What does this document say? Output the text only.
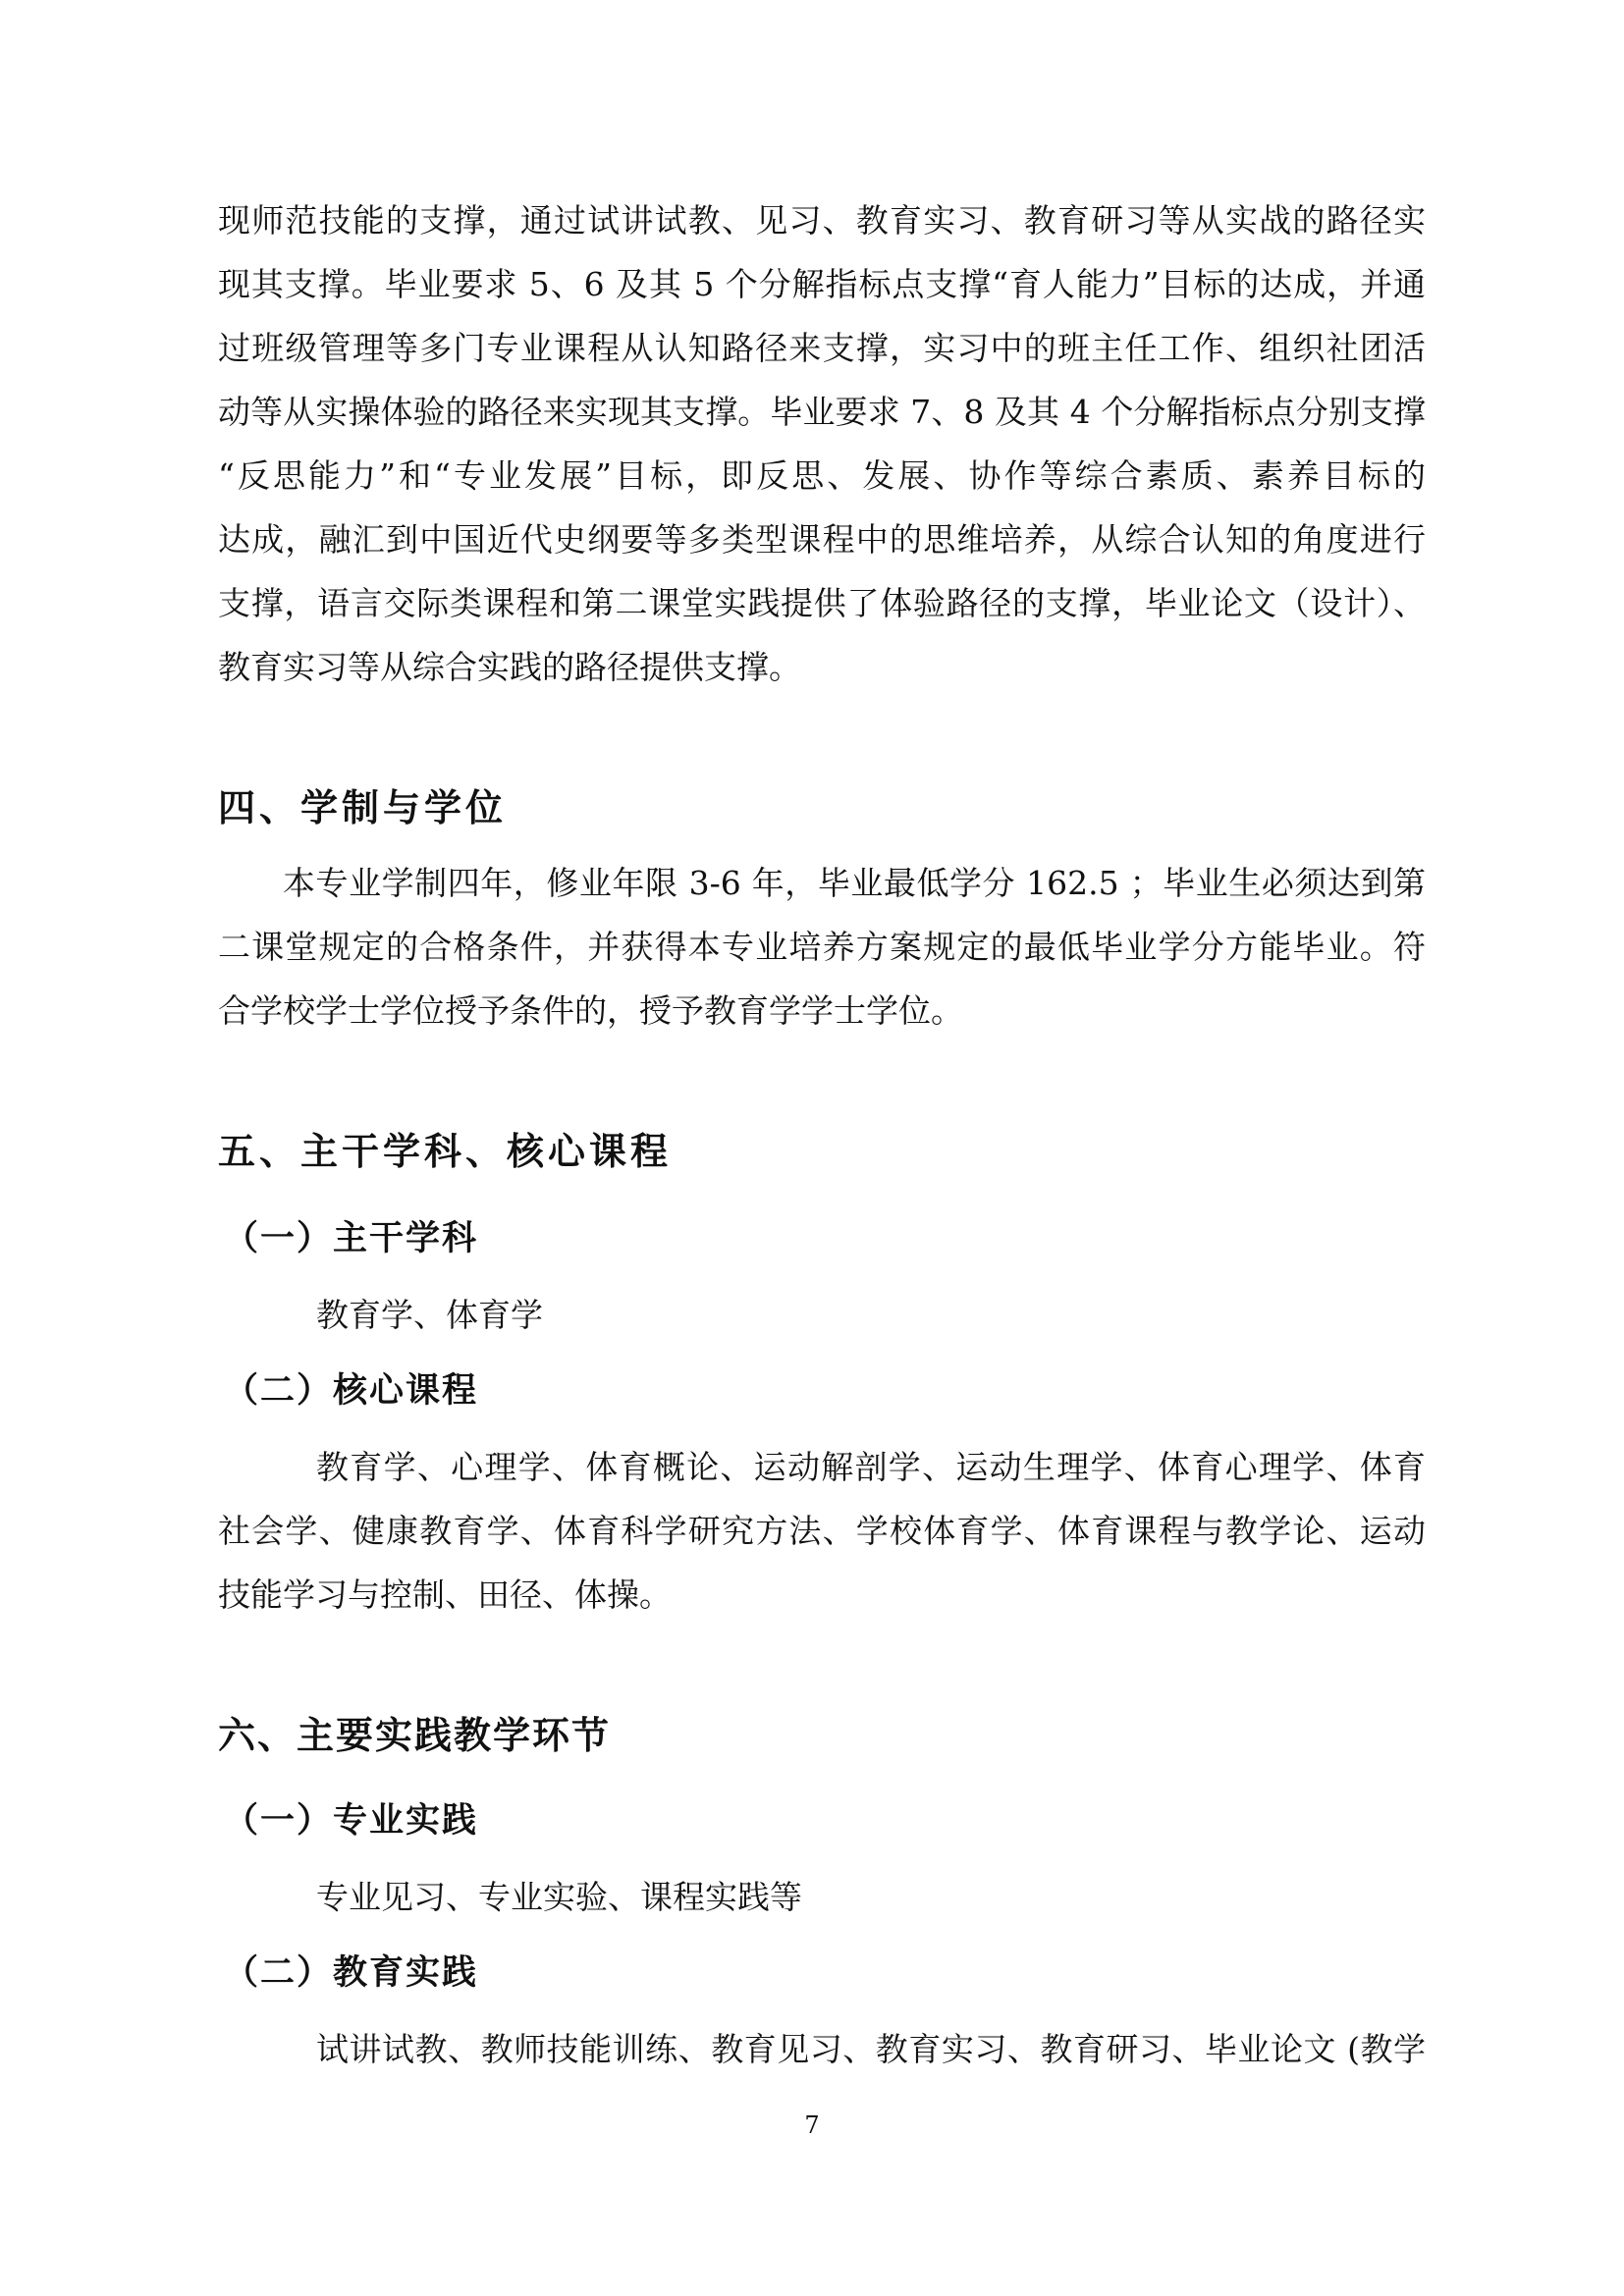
现师范技能的支撑，通过试讲试教、见习、教育实习、教育研习等从实战的路径实
现其支撑。毕业要求 5、6 及其 5 个分解指标点支撑“育人能力”目标的达成，并通
过班级管理等多门专业课程从认知路径来支撑，实习中的班主任工作、组织社团活
动等从实操体验的路径来实现其支撑。毕业要求 7、8 及其 4 个分解指标点分别支撑
“反思能力”和“专业发展”目标，即反思、发展、协作等综合素质、素养目标的
达成，融汇到中国近代史纲要等多类型课程中的思维培养，从综合认知的角度进行
支撑，语言交际类课程和第二课堂实践提供了体验路径的支撑，毕业论文（设计）、
教育实习等从综合实践的路径提供支撑。
四、学制与学位
本专业学制四年，修业年限 3-6 年，毕业最低学分 162.5 ；毕业生必须达到第
二课堂规定的合格条件，并获得本专业培养方案规定的最低毕业学分方能毕业。符
合学校学士学位授予条件的，授予教育学学士学位。
五、主干学科、核心课程
（一）主干学科
教育学、体育学
（二）核心课程
教育学、心理学、体育概论、运动解剖学、运动生理学、体育心理学、体育
社会学、健康教育学、体育科学研究方法、学校体育学、体育课程与教学论、运动
技能学习与控制、田径、体操。
六、主要实践教学环节
（一）专业实践
专业见习、专业实验、课程实践等
（二）教育实践
试讲试教、教师技能训练、教育见习、教育实习、教育研习、毕业论文 (教学
7
